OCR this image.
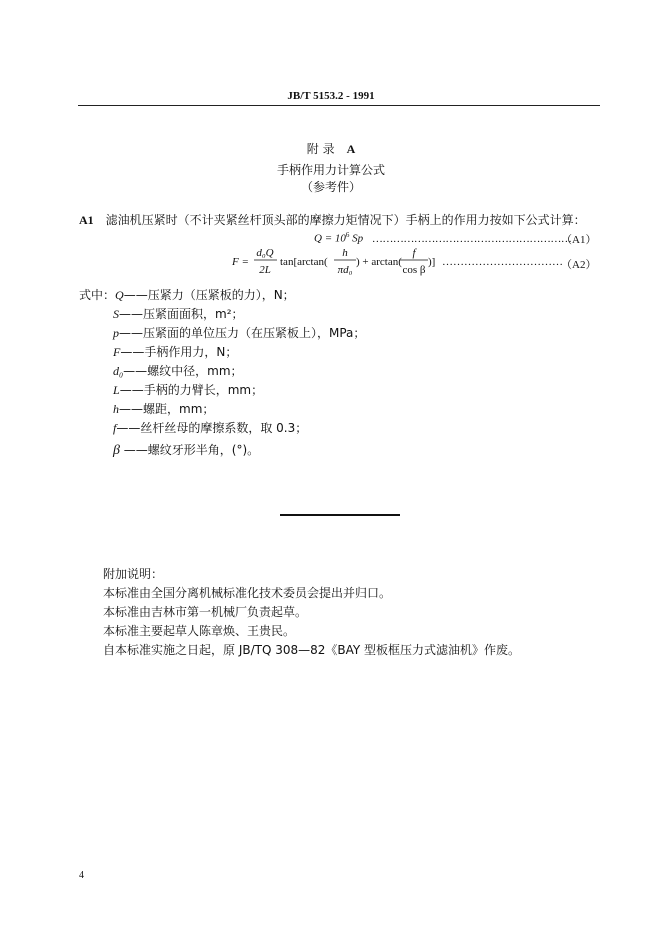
JB/T 5153.2 - 1991
附 录 A
手柄作用力计算公式
（参考件）
A1 滤油机压紧时（不计夹紧丝杆顶头部的摩擦力矩情况下）手柄上的作用力按如下公式计算：
$Q = 10^6$ Sp …………………………………………………
（A1）
F =
d₀Q
2L
tan[arctan(
h
πd₀
) + arctan(
f
cos β
)] ……………………………
（A2）
式中：Q——压紧力（压紧板的力），N；
S——压紧面面积，m²；
p——压紧面的单位压力（在压紧板上），MPa；
F——手柄作用力，N；
d₀——螺纹中径，mm；
L——手柄的力臂长，mm；
h——螺距，mm；
f——丝杆丝母的摩擦系数，取 0.3；
β ——螺纹牙形半角，(°)。
附加说明：
本标准由全国分离机械标准化技术委员会提出并归口。
本标准由吉林市第一机械厂负责起草。
本标准主要起草人陈章焕、王贵民。
自本标准实施之日起，原 JB/TQ 308—82《BAY 型板框压力式滤油机》作废。
4
